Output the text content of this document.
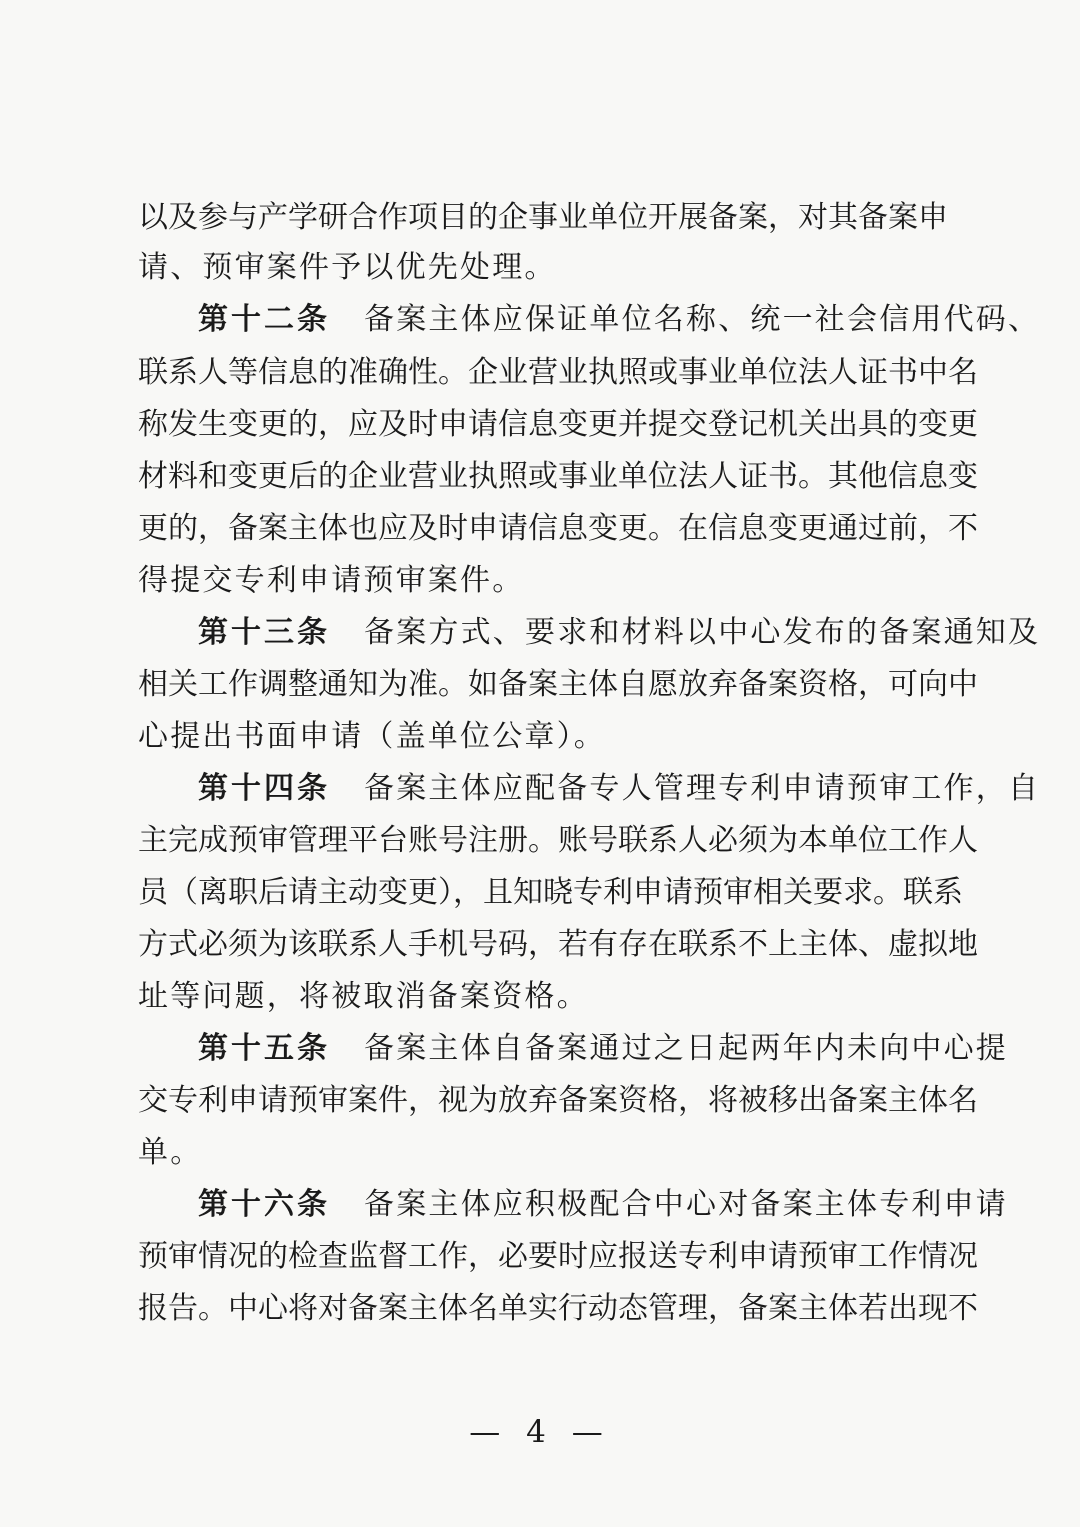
以及参与产学研合作项目的企事业单位开展备案，对其备案申
请、预审案件予以优先处理。
第十二条 备案主体应保证单位名称、统一社会信用代码、
联系人等信息的准确性。企业营业执照或事业单位法人证书中名
称发生变更的，应及时申请信息变更并提交登记机关出具的变更
材料和变更后的企业营业执照或事业单位法人证书。其他信息变
更的，备案主体也应及时申请信息变更。在信息变更通过前，不
得提交专利申请预审案件。
第十三条 备案方式、要求和材料以中心发布的备案通知及
相关工作调整通知为准。如备案主体自愿放弃备案资格，可向中
心提出书面申请（盖单位公章）。
第十四条 备案主体应配备专人管理专利申请预审工作，自
主完成预审管理平台账号注册。账号联系人必须为本单位工作人
员（离职后请主动变更），且知晓专利申请预审相关要求。联系
方式必须为该联系人手机号码，若有存在联系不上主体、虚拟地
址等问题，将被取消备案资格。
第十五条 备案主体自备案通过之日起两年内未向中心提
交专利申请预审案件，视为放弃备案资格，将被移出备案主体名
单。
第十六条 备案主体应积极配合中心对备案主体专利申请
预审情况的检查监督工作，必要时应报送专利申请预审工作情况
报告。中心将对备案主体名单实行动态管理，备案主体若出现不
— 4 —
